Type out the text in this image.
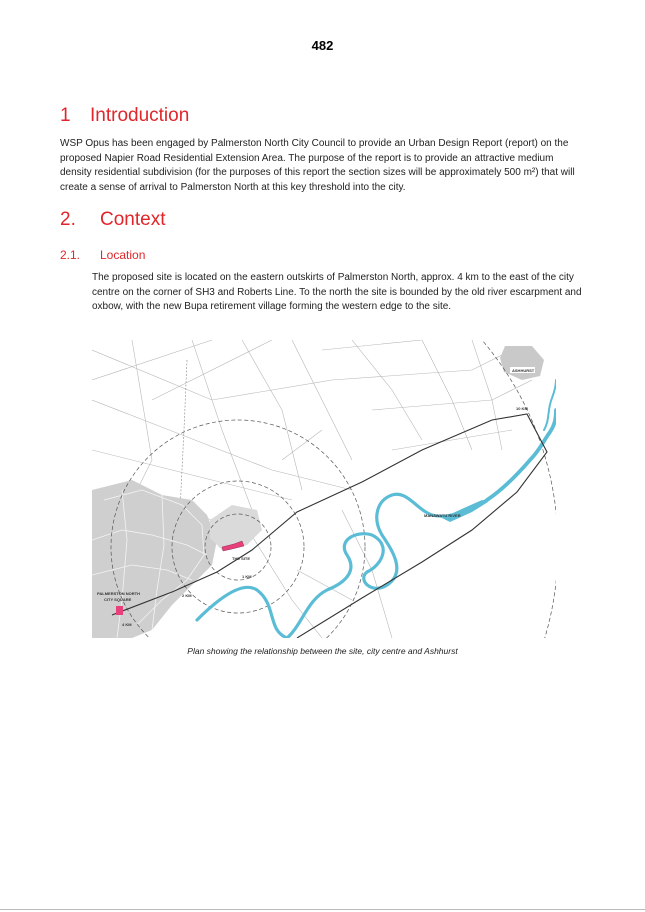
482
1 Introduction
WSP Opus has been engaged by Palmerston North City Council to provide an Urban Design Report (report) on the proposed Napier Road Residential Extension Area. The purpose of the report is to provide an attractive medium density residential subdivision (for the purposes of this report the section sizes will be approximately 500 m²) that will create a sense of arrival to Palmerston North at this key threshold into the city.
2. Context
2.1. Location
The proposed site is located on the eastern outskirts of Palmerston North, approx. 4 km to the east of the city centre on the corner of SH3 and Roberts Line. To the north the site is bounded by the old river escarpment and oxbow, with the new Bupa retirement village forming the western edge to the site.
ASHHURST
10 KM
MANAWATU RIVER
THE SITE
1 KM
2 KM
PALMERSTON NORTH
CITY SQUARE
4 KM
Plan showing the relationship between the site, city centre and Ashhurst
